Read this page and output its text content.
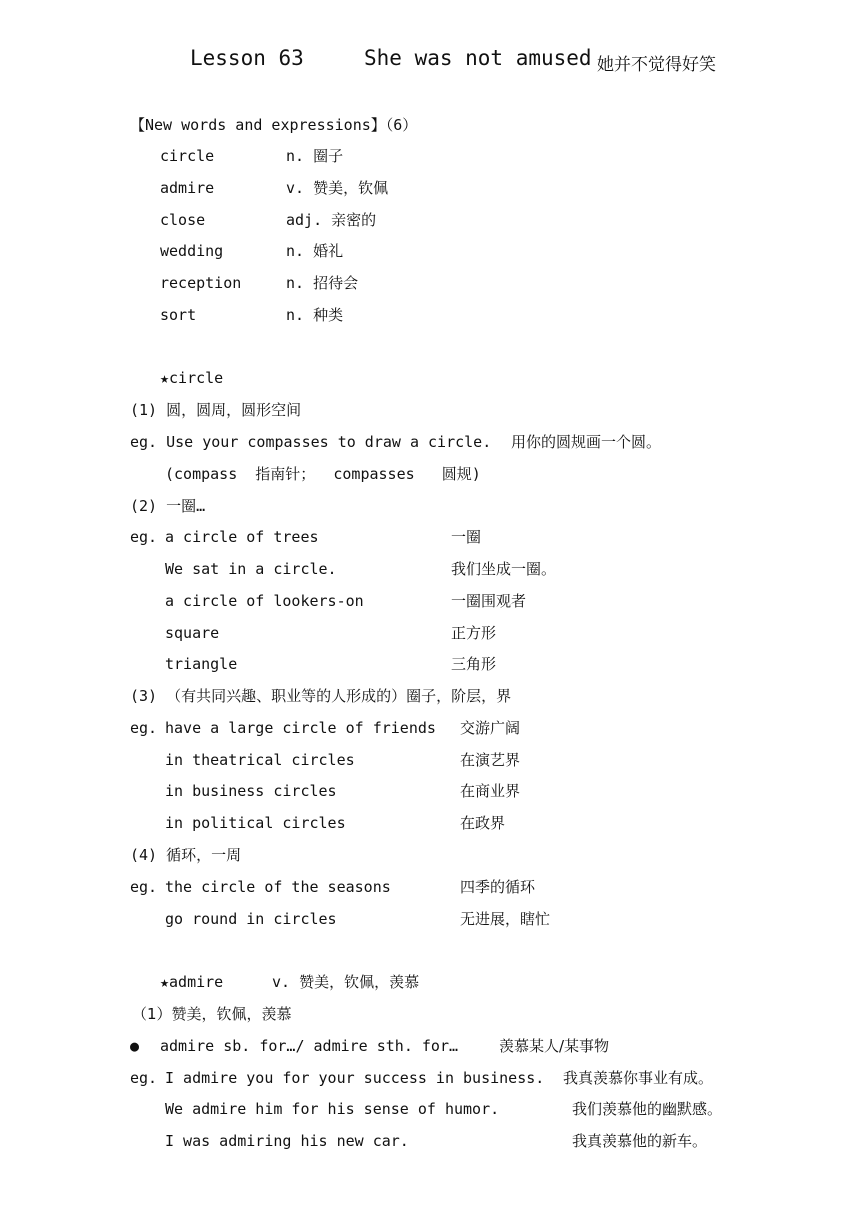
Lesson 63	She was not amused 她并不觉得好笑
【New words and expressions】（6）
circle	n. 圈子
admire	v. 赞美，钦佩
close	adj. 亲密的
wedding	n. 婚礼
reception	n. 招待会
sort	n. 种类
★circle
(1) 圆，圆周，圆形空间
eg. Use your compasses to draw a circle. 用你的圆规画一个圆。
(compass  指南针；  compasses   圆规)
(2) 一圈…
eg. a circle of trees	一圈
We sat in a circle.	我们坐成一圈。
a circle of lookers-on	一圈围观者
square	正方形
triangle	三角形
(3) （有共同兴趣、职业等的人形成的）圈子，阶层，界
eg. have a large circle of friends 交游广阔
in theatrical circles	在演艺界
in business circles	在商业界
in political circles	在政界
(4) 循环，一周
eg. the circle of the seasons	四季的循环
go round in circles	无进展，瞎忙
★admire	v. 赞美，钦佩，羡慕
（1）赞美，钦佩，羡慕
● admire sb. for…/ admire sth. for…	羡慕某人/某事物
eg. I admire you for your success in business. 我真羡慕你事业有成。
We admire him for his sense of humor.	我们羡慕他的幽默感。
I was admiring his new car.	我真羡慕他的新车。
